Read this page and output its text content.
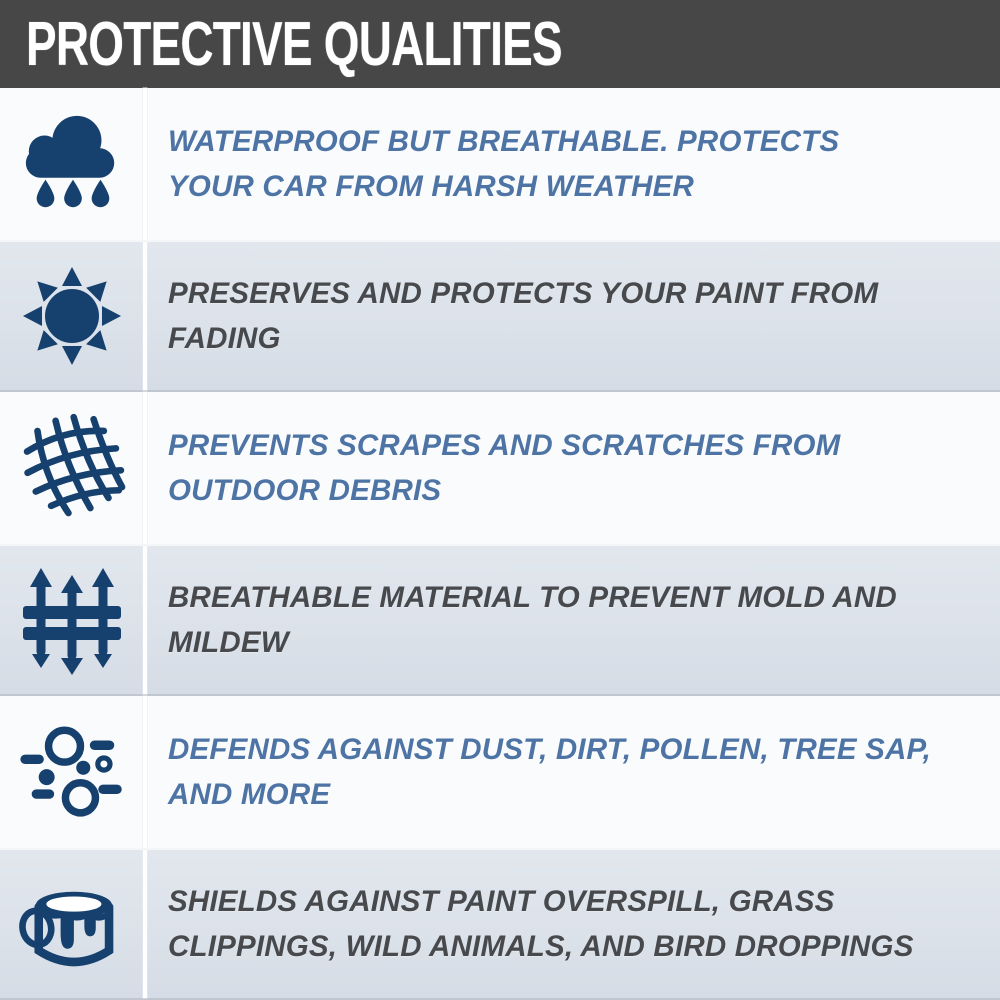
PROTECTIVE QUALITIES
WATERPROOF BUT BREATHABLE. PROTECTS
YOUR CAR FROM HARSH WEATHER
PRESERVES AND PROTECTS YOUR PAINT FROM
FADING
PREVENTS SCRAPES AND SCRATCHES FROM
OUTDOOR DEBRIS
BREATHABLE MATERIAL TO PREVENT MOLD AND
MILDEW
DEFENDS AGAINST DUST, DIRT, POLLEN, TREE SAP,
AND MORE
SHIELDS AGAINST PAINT OVERSPILL, GRASS
CLIPPINGS, WILD ANIMALS, AND BIRD DROPPINGS
